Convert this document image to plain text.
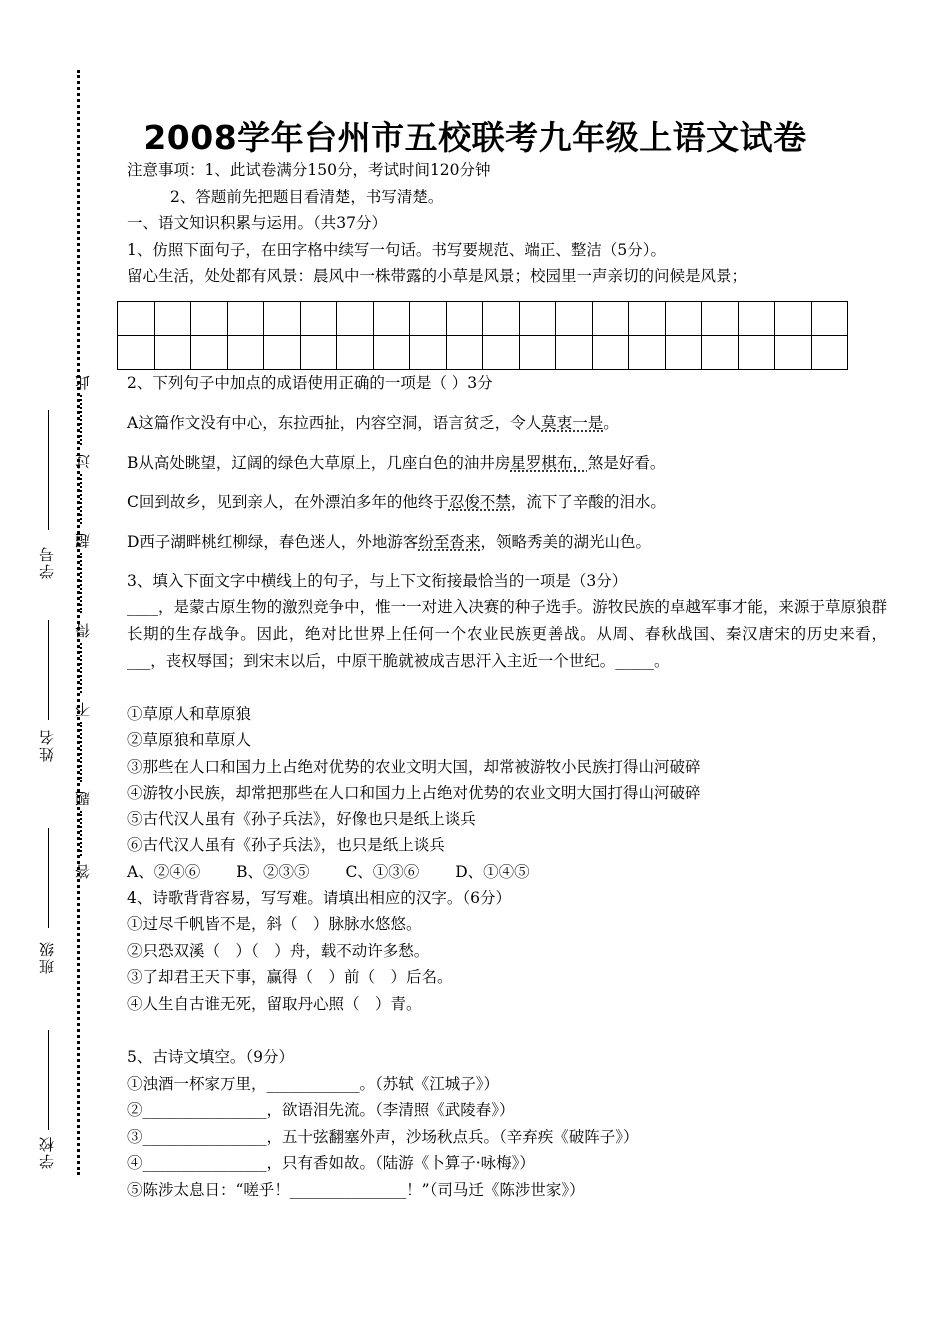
学校
班级
姓名
学号
此
过
超
得
不
题
答
2008学年台州市五校联考九年级上语文试卷
注意事项：1、此试卷满分150分，考试时间120分钟
2、答题前先把题目看清楚，书写清楚。
一、语文知识积累与运用。（共37分）
1、仿照下面句子，在田字格中续写一句话。书写要规范、端正、整洁（5分）。
留心生活，处处都有风景：晨风中一株带露的小草是风景；校园里一声亲切的问候是风景；
2、下列句子中加点的成语使用正确的一项是（ ）3分
A这篇作文没有中心，东拉西扯，内容空洞，语言贫乏，令人莫衷一是。
B从高处眺望，辽阔的绿色大草原上，几座白色的油井房星罗棋布，煞是好看。
C回到故乡，见到亲人，在外漂泊多年的他终于忍俊不禁，流下了辛酸的泪水。
D西子湖畔桃红柳绿，春色迷人，外地游客纷至沓来，领略秀美的湖光山色。
3、填入下面文字中横线上的句子，与上下文衔接最恰当的一项是（3分）
____，是蒙古原生物的激烈竞争中，惟一一对进入决赛的种子选手。游牧民族的卓越军事才能，来源于草原狼群长期的生存战争。因此，绝对比世界上任何一个农业民族更善战。从周、春秋战国、秦汉唐宋的历史来看，___，丧权辱国；到宋末以后，中原干脆就被成吉思汗入主近一个世纪。_____。
①草原人和草原狼
②草原狼和草原人
③那些在人口和国力上占绝对优势的农业文明大国，却常被游牧小民族打得山河破碎
④游牧小民族，却常把那些在人口和国力上占绝对优势的农业文明大国打得山河破碎
⑤古代汉人虽有《孙子兵法》，好像也只是纸上谈兵
⑥古代汉人虽有《孙子兵法》，也只是纸上谈兵
A、②④⑥　　 B、②③⑤　　 C、①③⑥　　 D、①④⑤
4、诗歌背背容易，写写难。请填出相应的汉字。（6分）
①过尽千帆皆不是，斜（　）脉脉水悠悠。
②只恐双溪（　）（　）舟，载不动许多愁。
③了却君王天下事，赢得（　）前（　）后名。
④人生自古谁无死，留取丹心照（　）青。
5、古诗文填空。（9分）
①浊酒一杯家万里，____________。（苏轼《江城子》）
②________________，欲语泪先流。（李清照《武陵春》）
③________________，五十弦翻塞外声，沙场秋点兵。（辛弃疾《破阵子》）
④________________，只有香如故。（陆游《卜算子·咏梅》）
⑤陈涉太息日：“嗟乎！_______________！”（司马迁《陈涉世家》）
